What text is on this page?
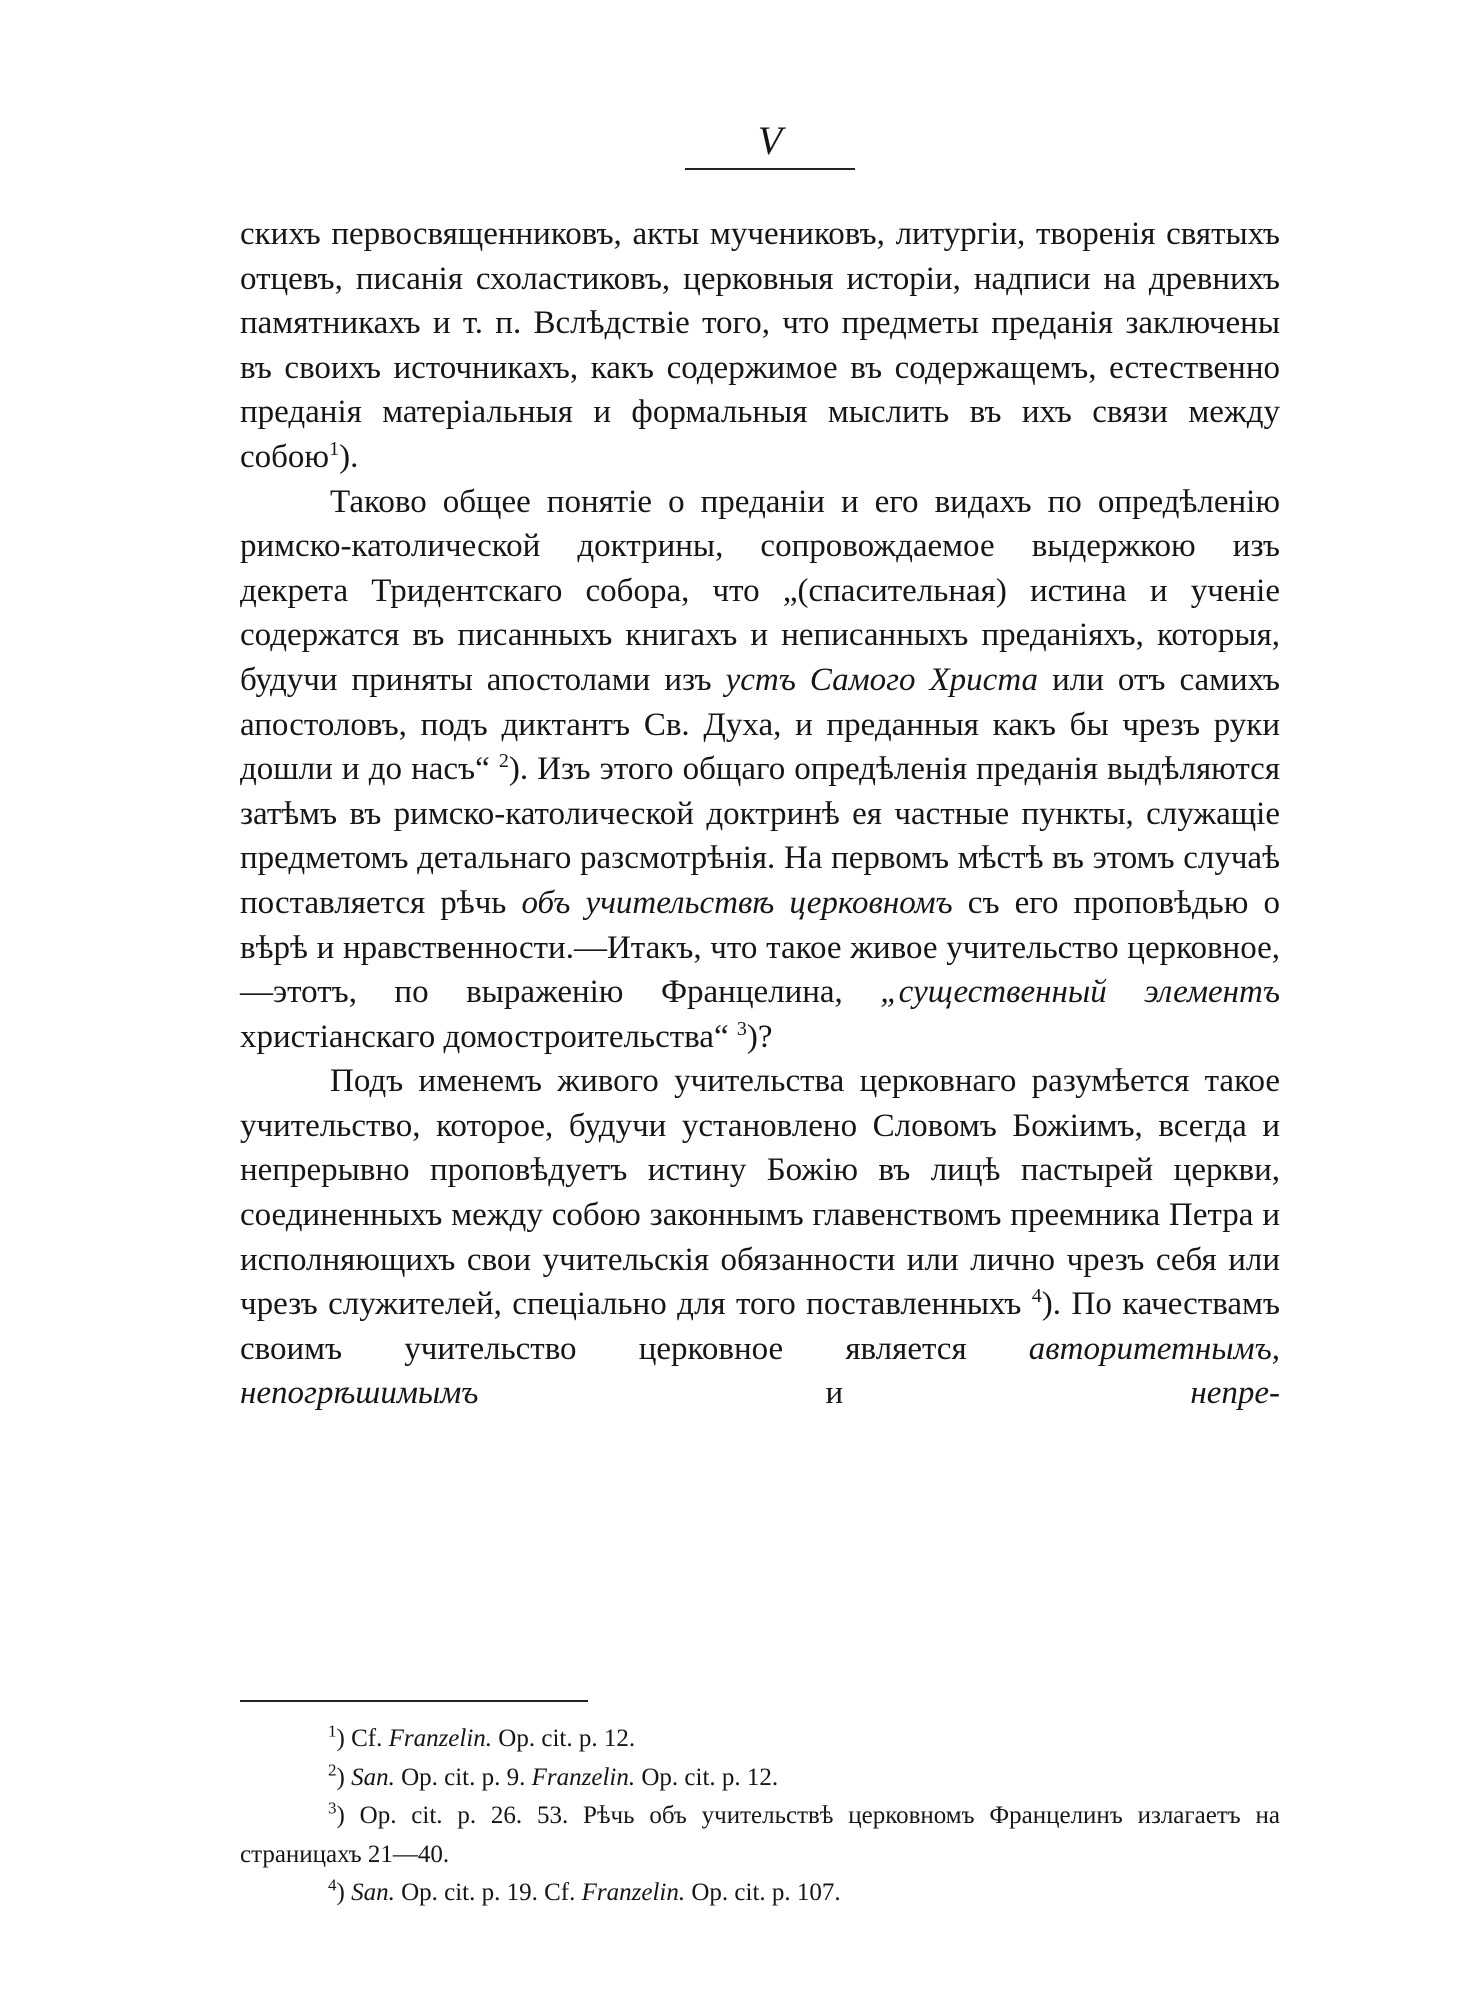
V

скихъ первосвященниковъ, акты мучениковъ, литургіи, творенія святыхъ отцевъ, писанія схоластиковъ, церковныя исторіи, надписи на древнихъ памятникахъ и т. п. Вслѣдствіе того, что предметы преданія заключены въ своихъ источникахъ, какъ содержимое въ содержащемъ, естественно преданія матеріальныя и формальныя мыслить въ ихъ связи между собою$^1$).

Таково общее понятіе о преданіи и его видахъ по опредѣленію римско-католической доктрины, сопровождаемое выдержкою изъ декрета Тридентскаго собора, что „(спасительная) истина и ученіе содержатся въ писанныхъ книгахъ и неписанныхъ преданіяхъ, которыя, будучи приняты апостолами изъ устъ Самого Христа или отъ самихъ апостоловъ, подъ диктантъ Св. Духа, и преданныя какъ бы чрезъ руки дошли и до насъ“ $^2$). Изъ этого общаго опредѣленія преданія выдѣляются затѣмъ въ римско-католической доктринѣ ея частные пункты, служащіе предметомъ детальнаго разсмотрѣнія. На первомъ мѣстѣ въ этомъ случаѣ поставляется рѣчь объ учительствѣ церковномъ съ его проповѣдью о вѣрѣ и нравственности.—Итакъ, что такое живое учительство церковное,—этотъ, по выраженію Францелина, „существенный элементъ христіанскаго домостроительства“ $^3$)?

Подъ именемъ живого учительства церковнаго разумѣется такое учительство, которое, будучи установлено Словомъ Божіимъ, всегда и непрерывно проповѣдуетъ истину Божію въ лицѣ пастырей церкви, соединенныхъ между собою законнымъ главенствомъ преемника Петра и исполняющихъ свои учительскія обязанности или лично чрезъ себя или чрезъ служителей, спеціально для того поставленныхъ $^4$). По качествамъ своимъ учительство церковное является авторитетнымъ, непогрѣшимымъ и непре-

$^1$) Cf. Franzelin. Op. cit. p. 12.

$^2$) San. Op. cit. p. 9. Franzelin. Op. cit. p. 12.

$^3$) Op. cit. p. 26. 53. Рѣчь объ учительствѣ церковномъ Францелинъ излагаетъ на страницахъ 21—40.

$^4$) San. Op. cit. p. 19. Cf. Franzelin. Op. cit. p. 107.
